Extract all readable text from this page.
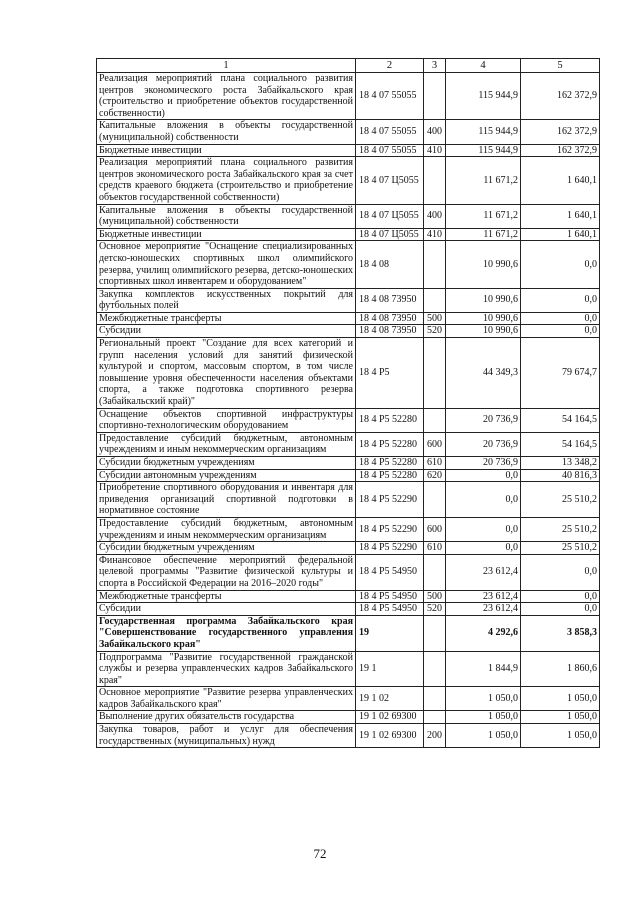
1	2	3	4	5
Реализация мероприятий плана социального развития центров экономического роста Забайкальского края (строительство и приобретение объектов государственной собственности)	18 4 07 55055		115 944,9	162 372,9
Капитальные вложения в объекты государственной (муниципальной) собственности	18 4 07 55055	400	115 944,9	162 372,9
Бюджетные инвестиции	18 4 07 55055	410	115 944,9	162 372,9
Реализация мероприятий плана социального развития центров экономического роста Забайкальского края за счет средств краевого бюджета (строительство и приобретение объектов государственной собственности)	18 4 07 Ц5055		11 671,2	1 640,1
Капитальные вложения в объекты государственной (муниципальной) собственности	18 4 07 Ц5055	400	11 671,2	1 640,1
Бюджетные инвестиции	18 4 07 Ц5055	410	11 671,2	1 640,1
Основное мероприятие "Оснащение специализированных детско-юношеских спортивных школ олимпийского резерва, училищ олимпийского резерва, детско-юношеских спортивных школ инвентарем и оборудованием"	18 4 08		10 990,6	0,0
Закупка комплектов искусственных покрытий для футбольных полей	18 4 08 73950		10 990,6	0,0
Межбюджетные трансферты	18 4 08 73950	500	10 990,6	0,0
Субсидии	18 4 08 73950	520	10 990,6	0,0
Региональный проект "Создание для всех категорий и групп населения условий для занятий физической культурой и спортом, массовым спортом, в том числе повышение уровня обеспеченности населения объектами спорта, а также подготовка спортивного резерва (Забайкальский край)"	18 4 P5		44 349,3	79 674,7
Оснащение объектов спортивной инфраструктуры спортивно-технологическим оборудованием	18 4 P5 52280		20 736,9	54 164,5
Предоставление субсидий бюджетным, автономным учреждениям и иным некоммерческим организациям	18 4 P5 52280	600	20 736,9	54 164,5
Субсидии бюджетным учреждениям	18 4 P5 52280	610	20 736,9	13 348,2
Субсидии автономным учреждениям	18 4 P5 52280	620	0,0	40 816,3
Приобретение спортивного оборудования и инвентаря для приведения организаций спортивной подготовки в нормативное состояние	18 4 P5 52290		0,0	25 510,2
Предоставление субсидий бюджетным, автономным учреждениям и иным некоммерческим организациям	18 4 P5 52290	600	0,0	25 510,2
Субсидии бюджетным учреждениям	18 4 P5 52290	610	0,0	25 510,2
Финансовое обеспечение мероприятий федеральной целевой программы "Развитие физической культуры и спорта в Российской Федерации на 2016–2020 годы"	18 4 P5 54950		23 612,4	0,0
Межбюджетные трансферты	18 4 P5 54950	500	23 612,4	0,0
Субсидии	18 4 P5 54950	520	23 612,4	0,0
Государственная программа Забайкальского края "Совершенствование государственного управления Забайкальского края"	19		4 292,6	3 858,3
Подпрограмма "Развитие государственной гражданской службы и резерва управленческих кадров Забайкальского края"	19 1		1 844,9	1 860,6
Основное мероприятие "Развитие резерва управленческих кадров Забайкальского края"	19 1 02		1 050,0	1 050,0
Выполнение других обязательств государства	19 1 02 69300		1 050,0	1 050,0
Закупка товаров, работ и услуг для обеспечения государственных (муниципальных) нужд	19 1 02 69300	200	1 050,0	1 050,0
72
